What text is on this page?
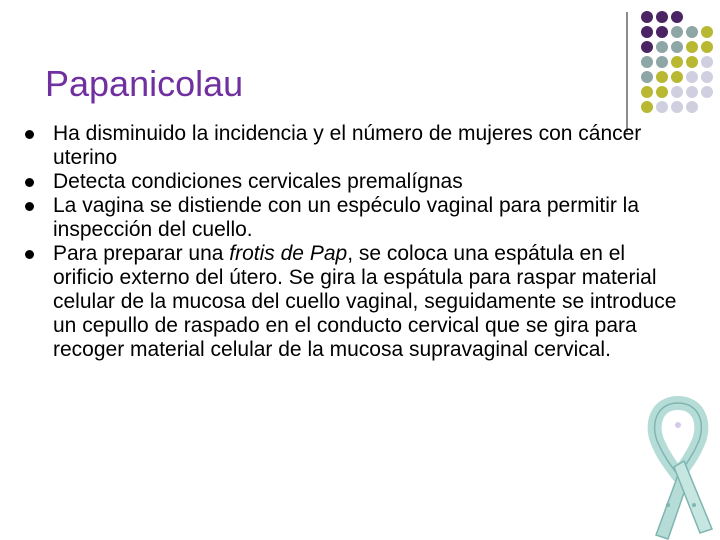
Papanicolau
Ha disminuido la incidencia y el número de mujeres con cáncer uterino
Detecta condiciones cervicales premalígnas
La vagina se distiende con un espéculo vaginal para permitir la inspección del cuello.
Para preparar una frotis de Pap, se coloca una espátula en el orificio externo del útero. Se gira la espátula para raspar material celular de la mucosa del cuello vaginal, seguidamente se introduce un cepullo de raspado en el conducto cervical que se gira para recoger material celular de la mucosa supravaginal cervical.
